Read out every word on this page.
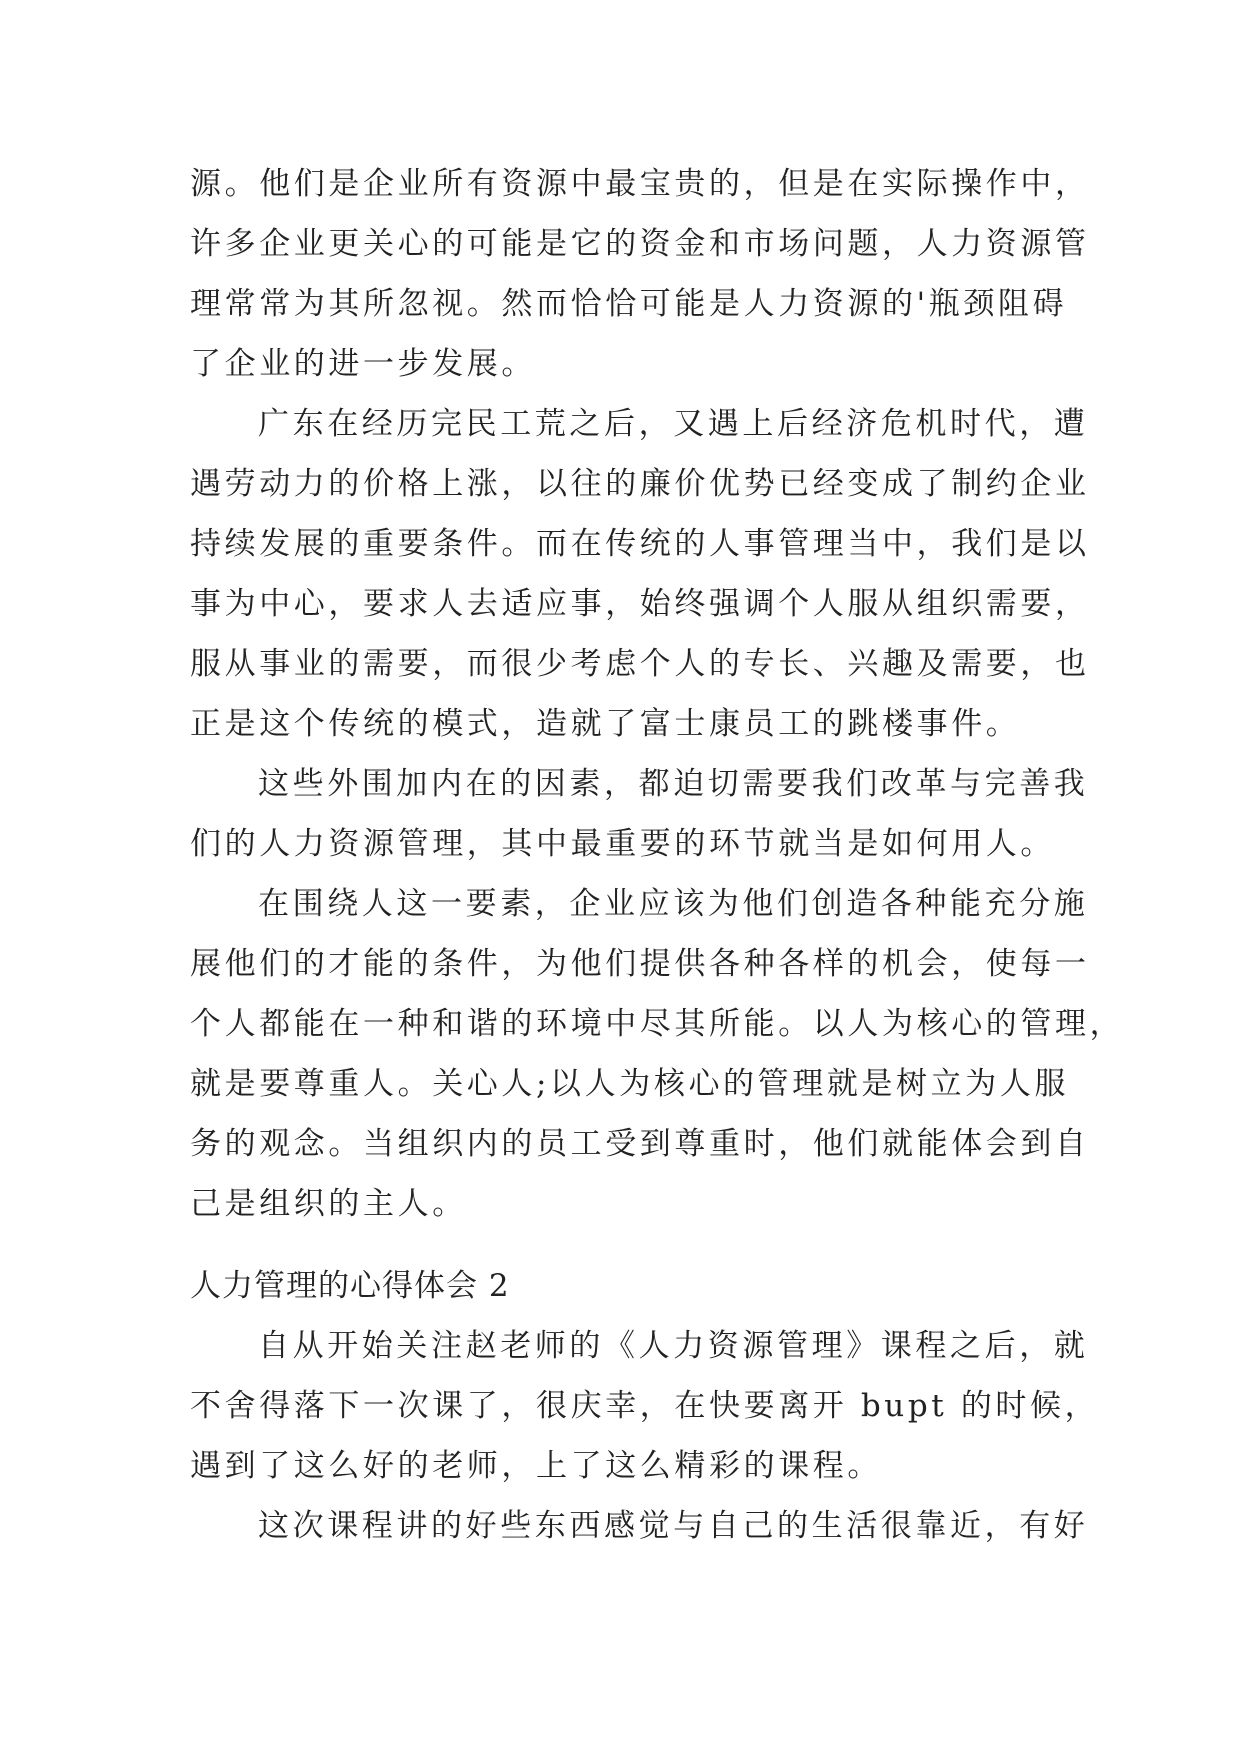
源。他们是企业所有资源中最宝贵的，但是在实际操作中，
许多企业更关心的可能是它的资金和市场问题，人力资源管
理常常为其所忽视。然而恰恰可能是人力资源的'瓶颈阻碍
了企业的进一步发展。
广东在经历完民工荒之后，又遇上后经济危机时代，遭
遇劳动力的价格上涨，以往的廉价优势已经变成了制约企业
持续发展的重要条件。而在传统的人事管理当中，我们是以
事为中心，要求人去适应事，始终强调个人服从组织需要，
服从事业的需要，而很少考虑个人的专长、兴趣及需要，也
正是这个传统的模式，造就了富士康员工的跳楼事件。
这些外围加内在的因素，都迫切需要我们改革与完善我
们的人力资源管理，其中最重要的环节就当是如何用人。
在围绕人这一要素，企业应该为他们创造各种能充分施
展他们的才能的条件，为他们提供各种各样的机会，使每一
个人都能在一种和谐的环境中尽其所能。以人为核心的管理，
就是要尊重人。关心人;以人为核心的管理就是树立为人服
务的观念。当组织内的员工受到尊重时，他们就能体会到自
己是组织的主人。
人力管理的心得体会 2
自从开始关注赵老师的《人力资源管理》课程之后，就
不舍得落下一次课了，很庆幸，在快要离开 bupt 的时候，
遇到了这么好的老师，上了这么精彩的课程。
这次课程讲的好些东西感觉与自己的生活很靠近，有好
